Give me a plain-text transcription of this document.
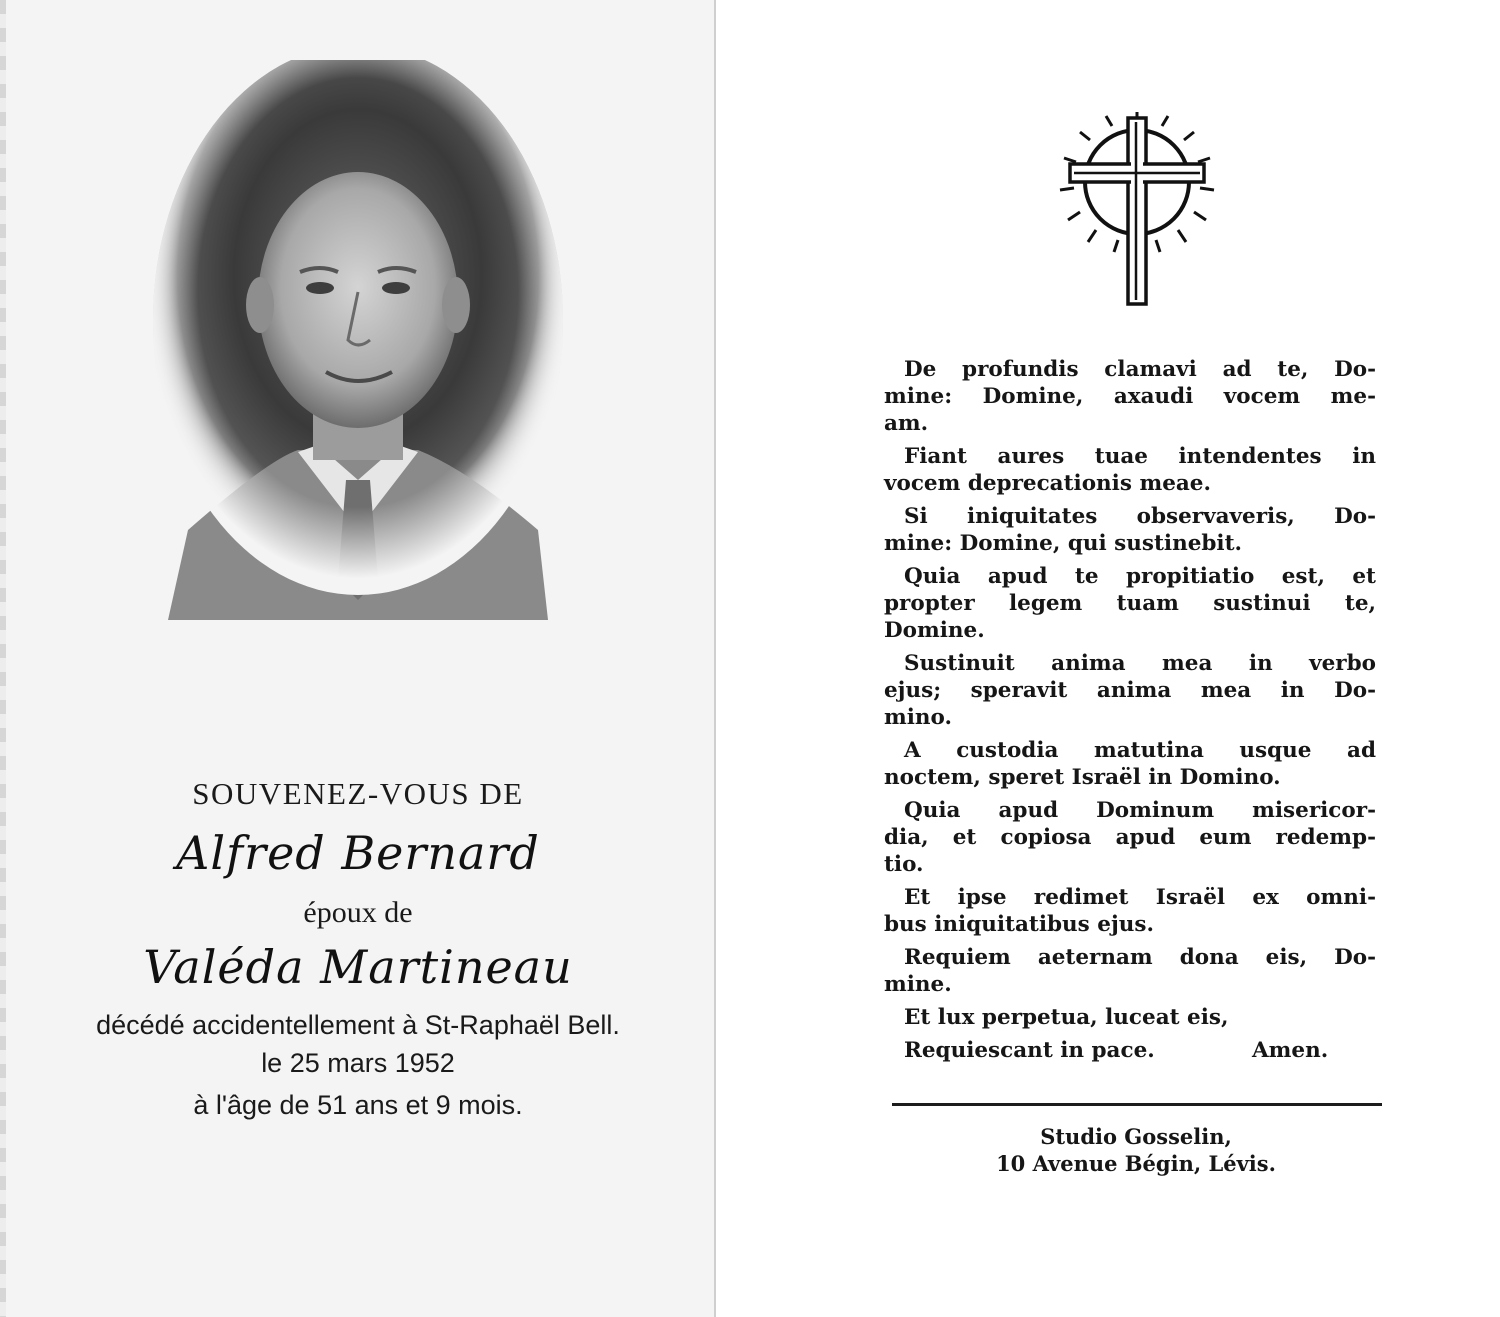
SOUVENEZ-VOUS DE
Alfred Bernard
époux de
Valéda Martineau
décédé accidentellement à St-Raphaël Bell.
le 25 mars 1952
à l'âge de 51 ans et 9 mois.

De profundis clamavi ad te, Do-
mine: Domine, axaudi vocem me-
am.

Fiant aures tuae intendentes in
vocem deprecationis meae.

Si iniquitates observaveris, Do-
mine: Domine, qui sustinebit.

Quia apud te propitiatio est, et
propter legem tuam sustinui te,
Domine.

Sustinuit anima mea in verbo
ejus; speravit anima mea in Do-
mino.

A custodia matutina usque ad
noctem, speret Israël in Domino.

Quia apud Dominum misericor-
dia, et copiosa apud eum redemp-
tio.

Et ipse redimet Israël ex omni-
bus iniquitatibus ejus.

Requiem aeternam dona eis, Do-
mine.

Et lux perpetua, luceat eis,

Requiescant in pace.	Amen.
Studio Gosselin,
10 Avenue Bégin, Lévis.
